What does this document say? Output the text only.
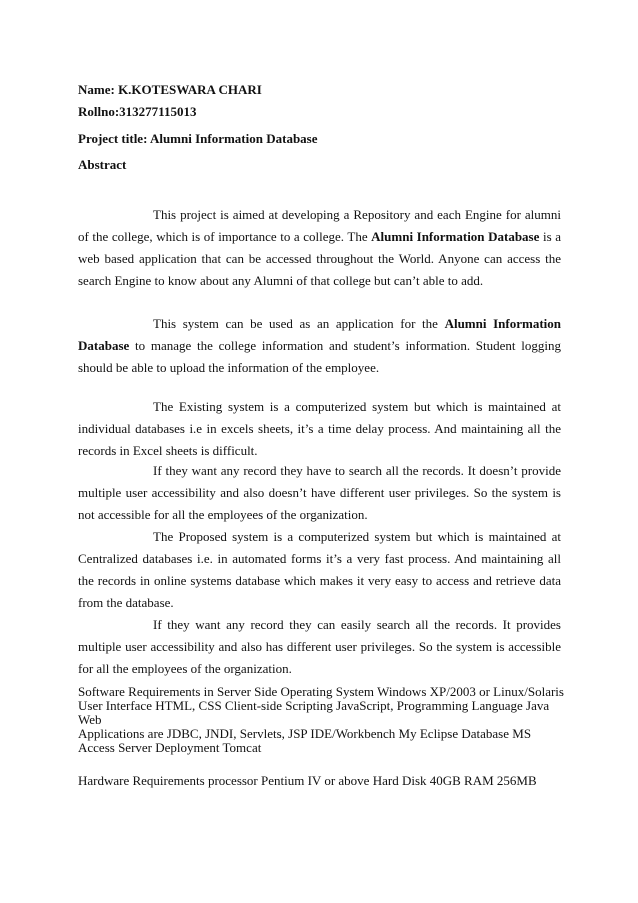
Name: K.KOTESWARA CHARI
Rollno:313277115013
Project title: Alumni Information Database
Abstract

This project is aimed at developing a Repository and each Engine for alumni of the college, which is of importance to a college. The Alumni Information Database is a web based application that can be accessed throughout the World. Anyone can access the search Engine to know about any Alumni of that college but can’t able to add.

This system can be used as an application for the Alumni Information Database to manage the college information and student’s information. Student logging should be able to upload the information of the employee.

The Existing system is a computerized system but which is maintained at individual databases i.e in excels sheets, it’s a time delay process. And maintaining all the records in Excel sheets is difficult.

If they want any record they have to search all the records. It doesn’t provide multiple user accessibility and also doesn’t have different user privileges. So the system is not accessible for all the employees of the organization.

The Proposed system is a computerized system but which is maintained at Centralized databases i.e. in automated forms it’s a very fast process. And maintaining all the records in online systems database which makes it very easy to access and retrieve data from the database.

If they want any record they can easily search all the records. It provides multiple user accessibility and also has different user privileges. So the system is accessible for all the employees of the organization.

Software Requirements in Server Side Operating System Windows XP/2003 or Linux/Solaris
User Interface HTML, CSS Client-side Scripting JavaScript, Programming Language Java
Web
Applications are JDBC, JNDI, Servlets, JSP IDE/Workbench My Eclipse Database MS
Access Server Deployment Tomcat

Hardware Requirements processor Pentium IV or above Hard Disk 40GB RAM 256MB
